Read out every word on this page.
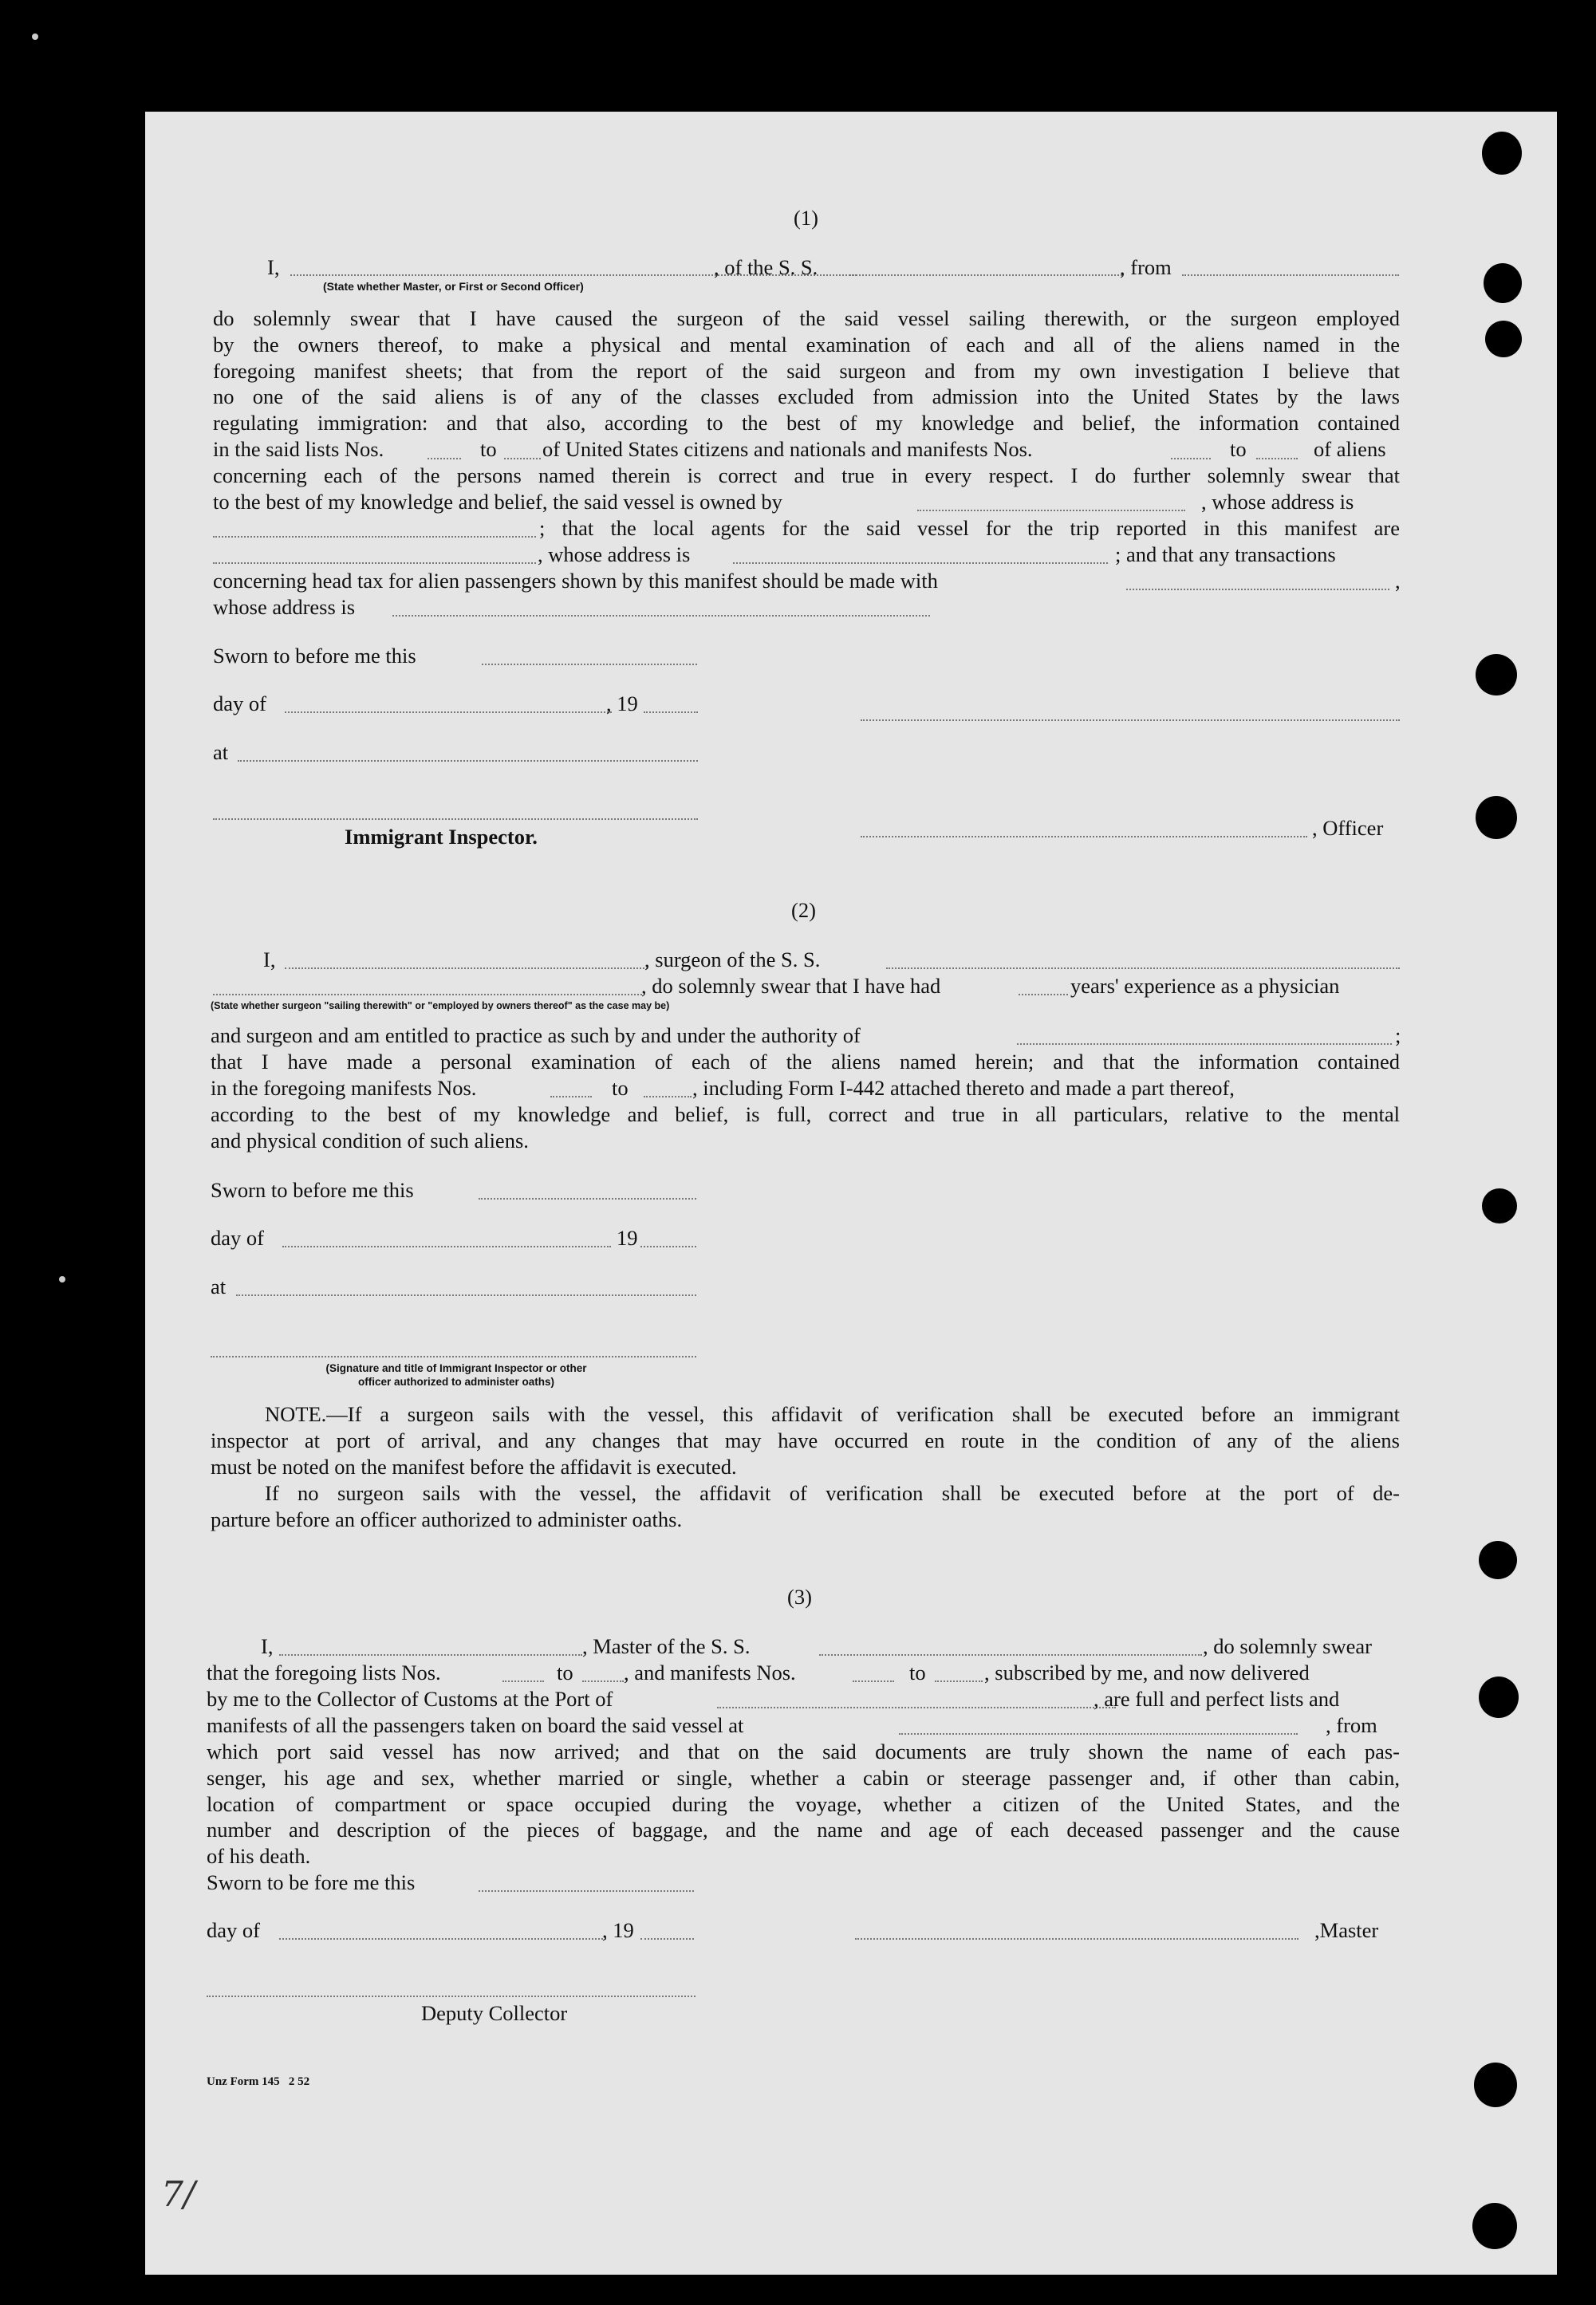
(1)
I,	, of the S. S.	, from
(State whether Master, or First or Second Officer)
do solemnly swear that I have caused the surgeon of the said vessel sailing therewith, or the surgeon employed
by the owners thereof, to make a physical and mental examination of each and all of the aliens named in the
foregoing manifest sheets; that from the report of the said surgeon and from my own investigation I believe that
no one of the said aliens is of any of the classes excluded from admission into the United States by the laws
regulating immigration: and that also, according to the best of my knowledge and belief, the information contained
in the said lists Nos.	to of United States citizens and nationals and manifests Nos.	to	of aliens
concerning each of the persons named therein is correct and true in every respect. I do further solemnly swear that
to the best of my knowledge and belief, the said vessel is owned by	, whose address is
; that the local agents for the said vessel for the trip reported in this manifest are
, whose address is	; and that any transactions
concerning head tax for alien passengers shown by this manifest should be made with	,
whose address is
Sworn to before me this
day of	, 19
at
Immigrant Inspector.	, Officer
(2)
I,	, surgeon of the S. S.
, do solemnly swear that I have had	years' experience as a physician
(State whether surgeon "sailing therewith" or "employed by owners thereof" as the case may be)
and surgeon and am entitled to practice as such by and under the authority of	;
that I have made a personal examination of each of the aliens named herein; and that the information contained
in the foregoing manifests Nos.	to	, including Form I-442 attached thereto and made a part thereof,
according to the best of my knowledge and belief, is full, correct and true in all particulars, relative to the mental
and physical condition of such aliens.
Sworn to before me this
day of	19
at
(Signature and title of Immigrant Inspector or other
officer authorized to administer oaths)
NOTE.—If a surgeon sails with the vessel, this affidavit of verification shall be executed before an immigrant
inspector at port of arrival, and any changes that may have occurred en route in the condition of any of the aliens
must be noted on the manifest before the affidavit is executed.
If no surgeon sails with the vessel, the affidavit of verification shall be executed before at the port of de-
parture before an officer authorized to administer oaths.
(3)
I,	, Master of the S. S.	, do solemnly swear
that the foregoing lists Nos.	to , and manifests Nos.	to	, subscribed by me, and now delivered
by me to the Collector of Customs at the Port of	, are full and perfect lists and
manifests of all the passengers taken on board the said vessel at	, from
which port said vessel has now arrived; and that on the said documents are truly shown the name of each pas-
senger, his age and sex, whether married or single, whether a cabin or steerage passenger and, if other than cabin,
location of compartment or space occupied during the voyage, whether a citizen of the United States, and the
number and description of the pieces of baggage, and the name and age of each deceased passenger and the cause
of his death.
Sworn to be fore me this
day of	, 19	,Master
Deputy Collector
Unz Form 145   2 52
7/
